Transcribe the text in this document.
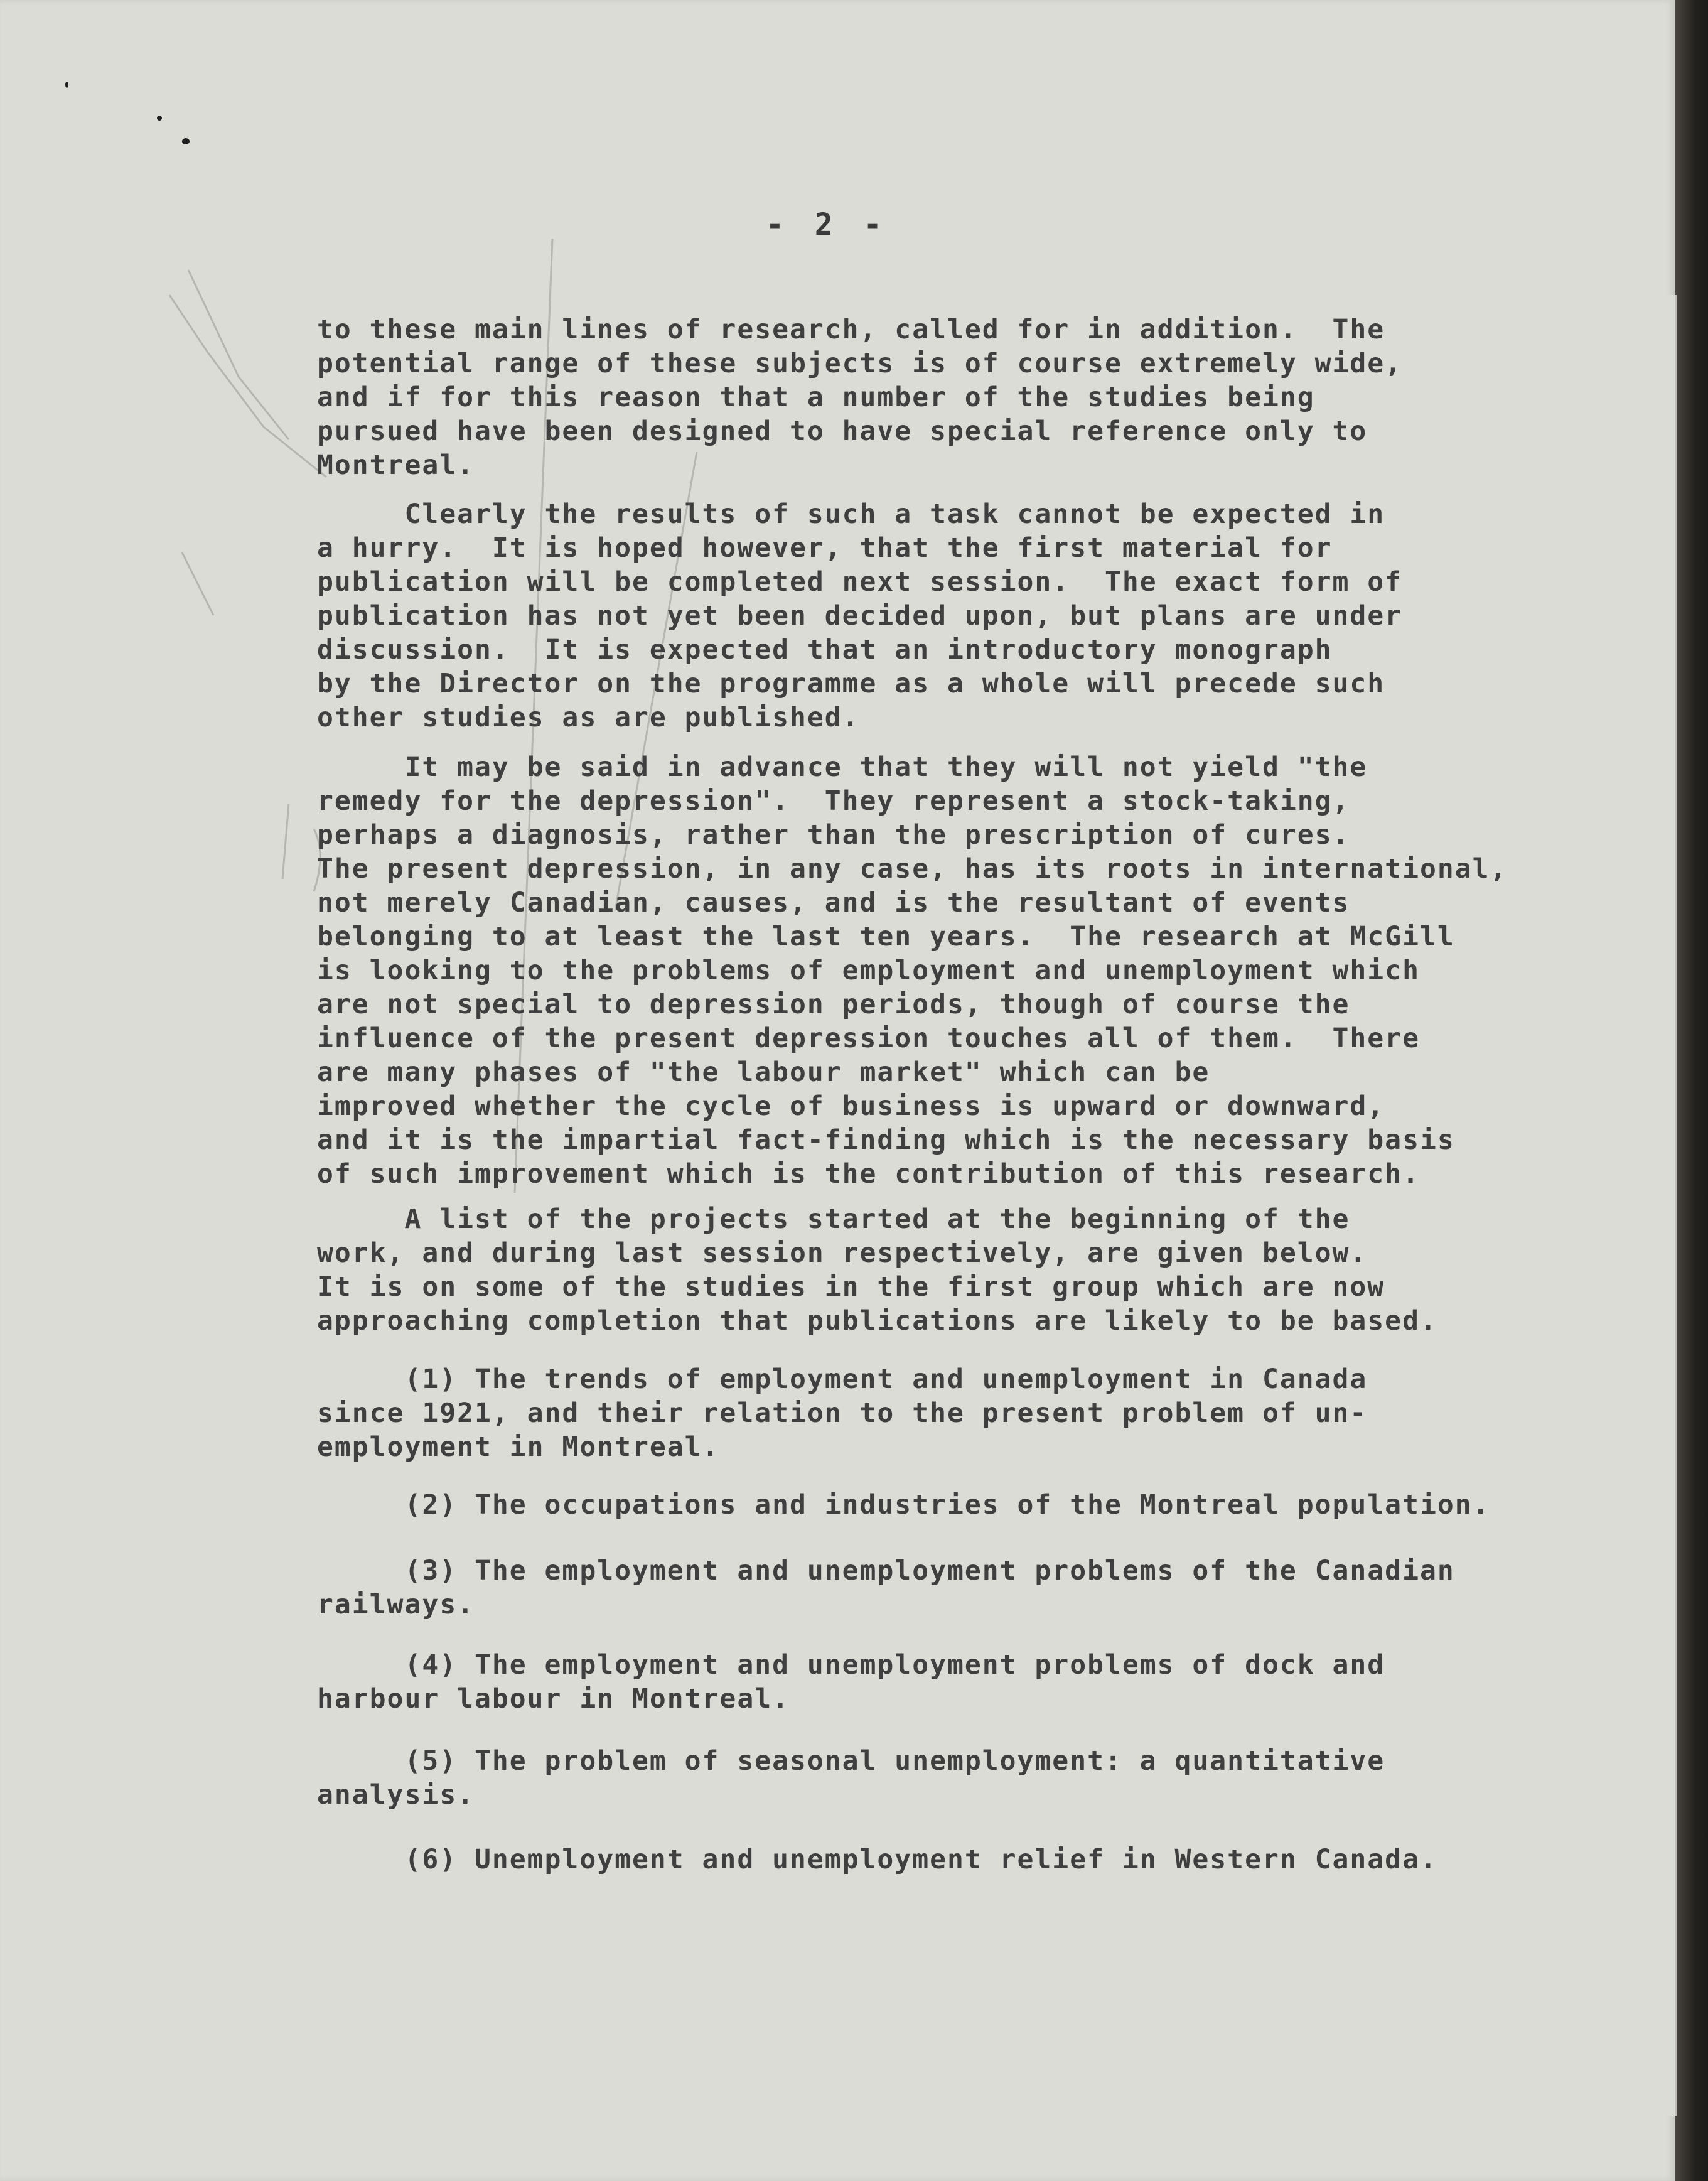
- 2 -

to these main lines of research, called for in addition.  The
potential range of these subjects is of course extremely wide,
and if for this reason that a number of the studies being
pursued have been designed to have special reference only to
Montreal.

Clearly the results of such a task cannot be expected in
a hurry.  It is hoped however, that the first material for
publication will be completed next session.  The exact form of
publication has not yet been decided upon, but plans are under
discussion.  It is expected that an introductory monograph
by the Director on the programme as a whole will precede such
other studies as are published.

It may be said in advance that they will not yield "the
remedy for the depression".  They represent a stock-taking,
perhaps a diagnosis, rather than the prescription of cures.
The present depression, in any case, has its roots in international,
not merely Canadian, causes, and is the resultant of events
belonging to at least the last ten years.  The research at McGill
is looking to the problems of employment and unemployment which
are not special to depression periods, though of course the
influence of the present depression touches all of them.  There
are many phases of "the labour market" which can be
improved whether the cycle of business is upward or downward,
and it is the impartial fact-finding which is the necessary basis
of such improvement which is the contribution of this research.

A list of the projects started at the beginning of the
work, and during last session respectively, are given below.
It is on some of the studies in the first group which are now
approaching completion that publications are likely to be based.

(1) The trends of employment and unemployment in Canada
since 1921, and their relation to the present problem of un-
employment in Montreal.

(2) The occupations and industries of the Montreal population.

(3) The employment and unemployment problems of the Canadian
railways.

(4) The employment and unemployment problems of dock and
harbour labour in Montreal.

(5) The problem of seasonal unemployment: a quantitative
analysis.

(6) Unemployment and unemployment relief in Western Canada.
